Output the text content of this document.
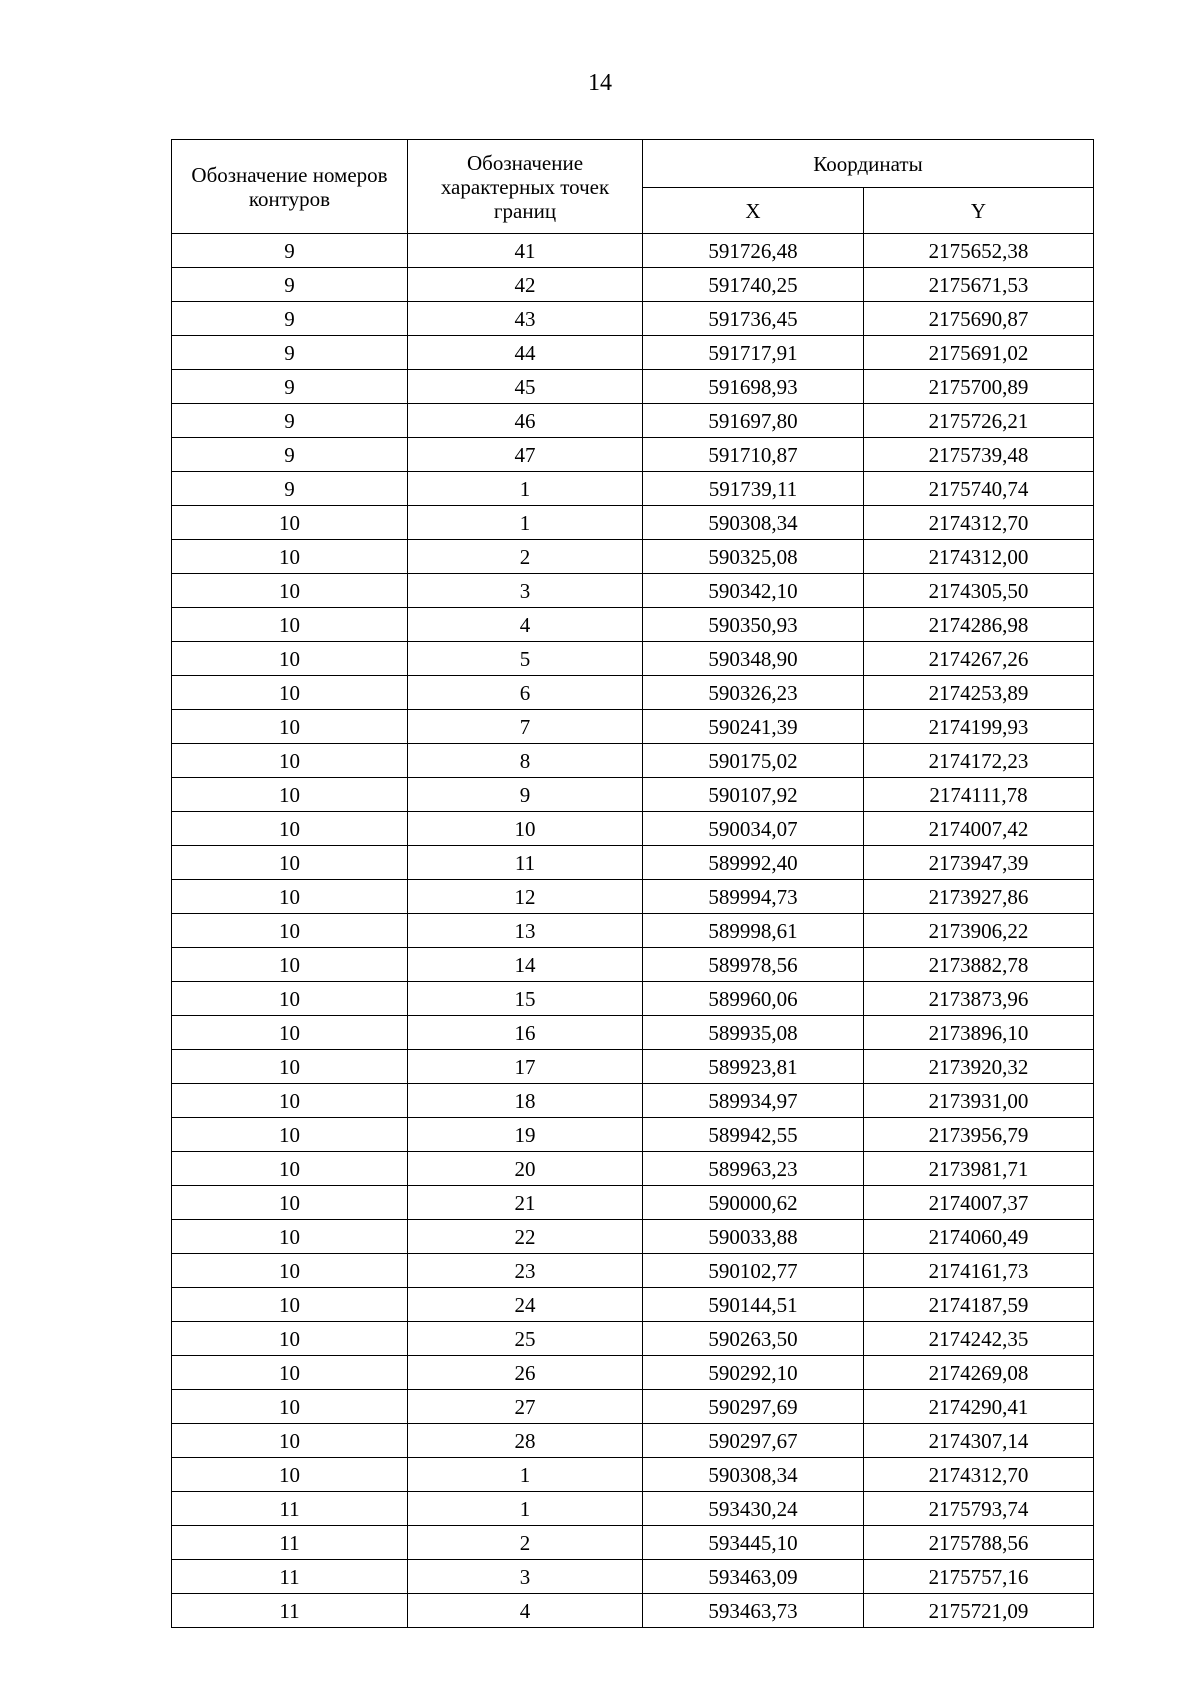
14
Обозначение номеров контуров	Обозначение характерных точек границ	Координаты	
		X	Y
9	41	591726,48	2175652,38
9	42	591740,25	2175671,53
9	43	591736,45	2175690,87
9	44	591717,91	2175691,02
9	45	591698,93	2175700,89
9	46	591697,80	2175726,21
9	47	591710,87	2175739,48
9	1	591739,11	2175740,74
10	1	590308,34	2174312,70
10	2	590325,08	2174312,00
10	3	590342,10	2174305,50
10	4	590350,93	2174286,98
10	5	590348,90	2174267,26
10	6	590326,23	2174253,89
10	7	590241,39	2174199,93
10	8	590175,02	2174172,23
10	9	590107,92	2174111,78
10	10	590034,07	2174007,42
10	11	589992,40	2173947,39
10	12	589994,73	2173927,86
10	13	589998,61	2173906,22
10	14	589978,56	2173882,78
10	15	589960,06	2173873,96
10	16	589935,08	2173896,10
10	17	589923,81	2173920,32
10	18	589934,97	2173931,00
10	19	589942,55	2173956,79
10	20	589963,23	2173981,71
10	21	590000,62	2174007,37
10	22	590033,88	2174060,49
10	23	590102,77	2174161,73
10	24	590144,51	2174187,59
10	25	590263,50	2174242,35
10	26	590292,10	2174269,08
10	27	590297,69	2174290,41
10	28	590297,67	2174307,14
10	1	590308,34	2174312,70
11	1	593430,24	2175793,74
11	2	593445,10	2175788,56
11	3	593463,09	2175757,16
11	4	593463,73	2175721,09
